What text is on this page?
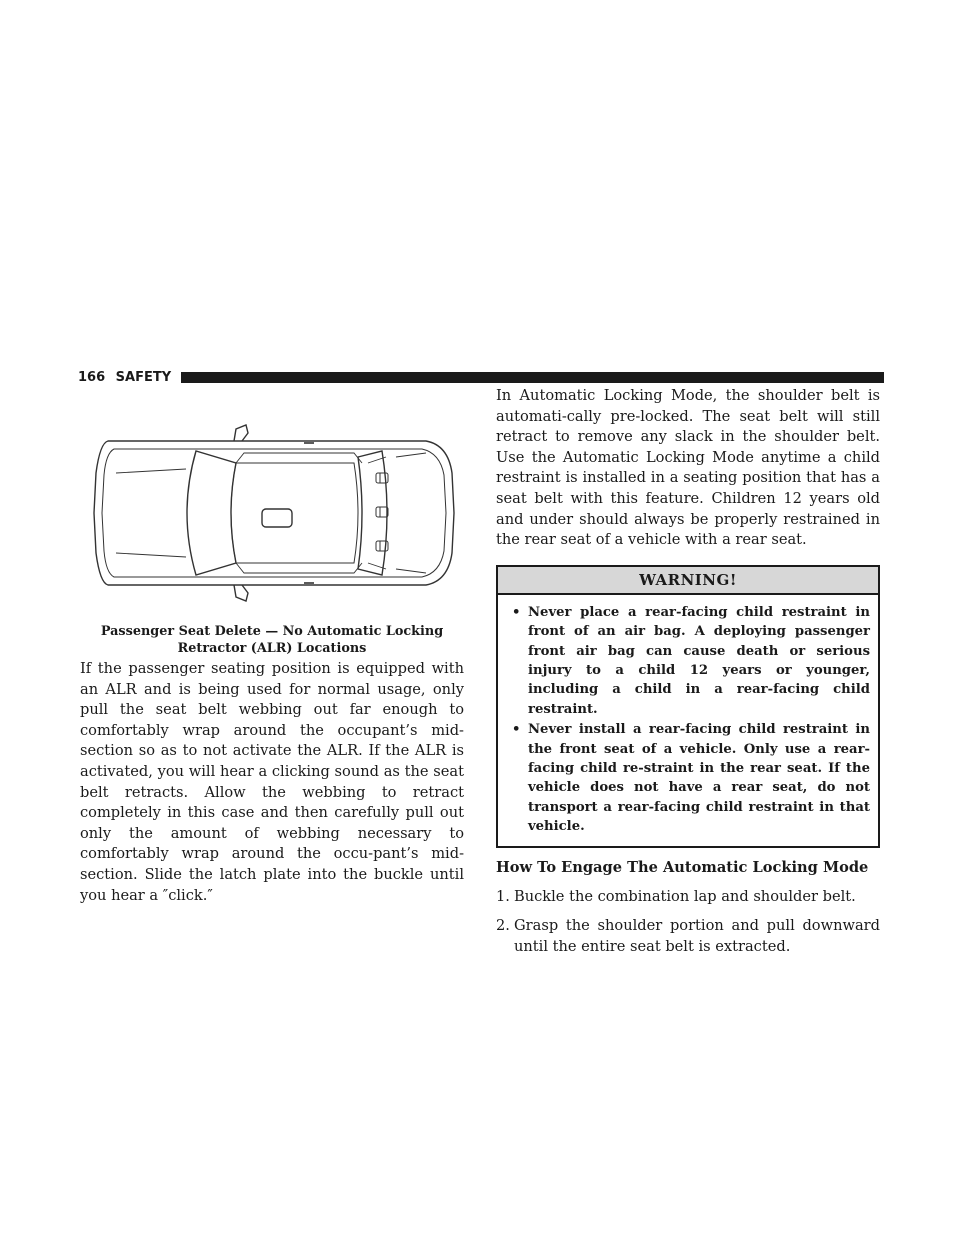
166 SAFETY
Passenger Seat Delete — No Automatic Locking Retractor (ALR) Locations

If the passenger seating position is equipped with an ALR and is being used for normal usage, only pull the seat belt webbing out far enough to comfortably wrap around the occupant’s mid-section so as to not activate the ALR. If the ALR is activated, you will hear a clicking sound as the seat belt retracts. Allow the webbing to retract completely in this case and then carefully pull out only the amount of webbing necessary to comfortably wrap around the occu-pant’s mid-section. Slide the latch plate into the buckle until you hear a ″click.″

In Automatic Locking Mode, the shoulder belt is automati-cally pre-locked. The seat belt will still retract to remove any slack in the shoulder belt. Use the Automatic Locking Mode anytime a child restraint is installed in a seating position that has a seat belt with this feature. Children 12 years old and under should always be properly restrained in the rear seat of a vehicle with a rear seat.

WARNING!
• Never place a rear-facing child restraint in front of an air bag. A deploying passenger front air bag can cause death or serious injury to a child 12 years or younger, including a child in a rear-facing child restraint.
• Never install a rear-facing child restraint in the front seat of a vehicle. Only use a rear-facing child re-straint in the rear seat. If the vehicle does not have a rear seat, do not transport a rear-facing child restraint in that vehicle.
How To Engage The Automatic Locking Mode
1. Buckle the combination lap and shoulder belt.
2. Grasp the shoulder portion and pull downward until the entire seat belt is extracted.
